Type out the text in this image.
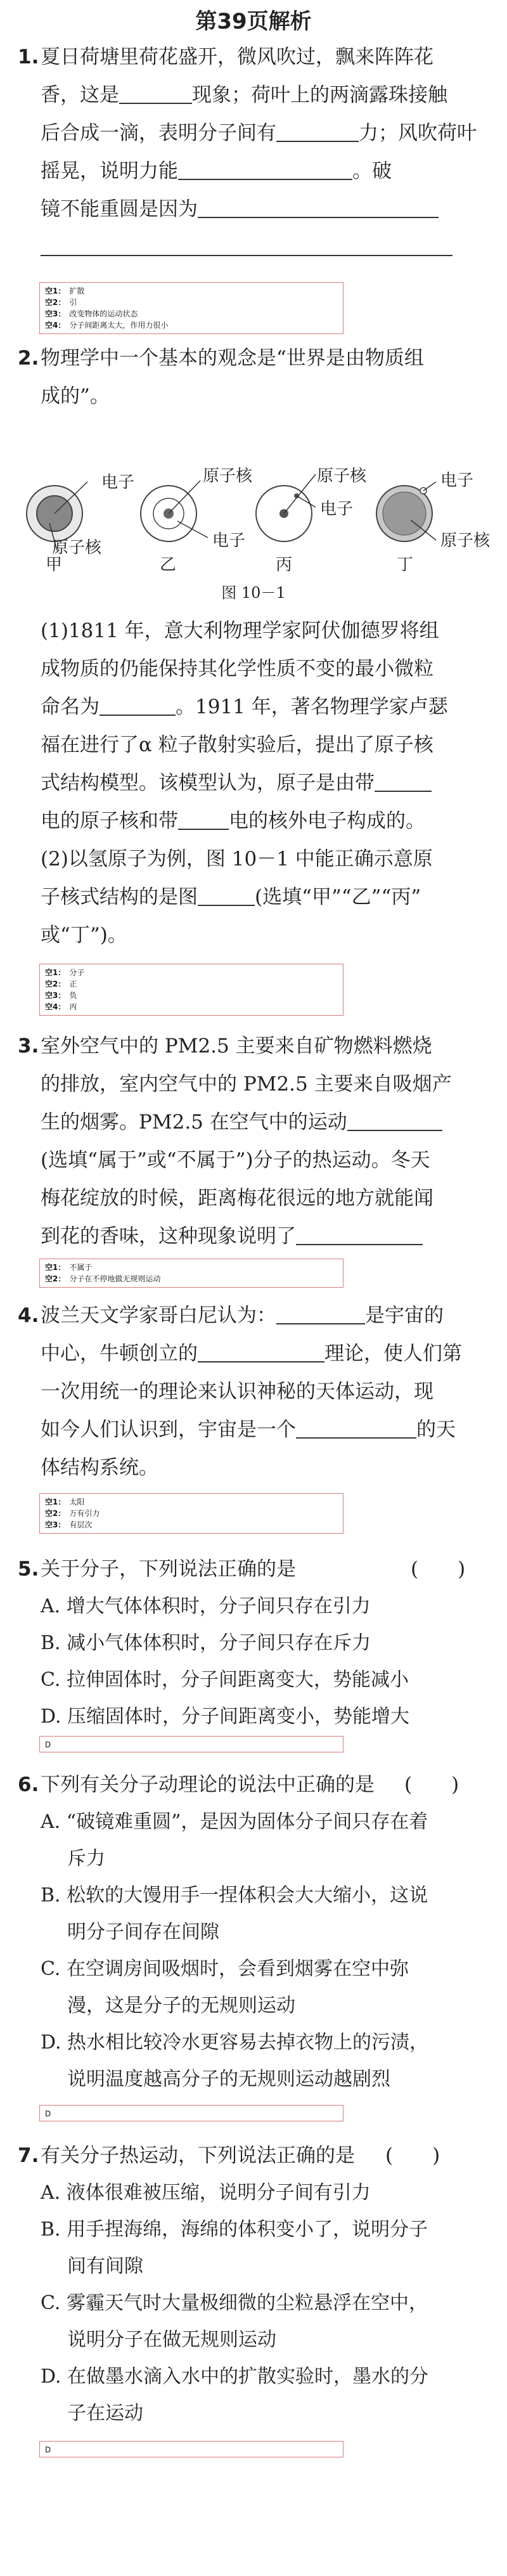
第39页解析
1.夏日荷塘里荷花盛开，微风吹过，飘来阵阵花
香，这是	现象；荷叶上的两滴露珠接触
后合成一滴，表明分子间有	力；风吹荷叶
摇晃，说明力能	。破
镜不能重圆是因为
空1： 扩散
空2： 引
空3： 改变物体的运动状态
空4： 分子间距离太大，作用力很小
2.物理学中一个基本的观念是“世界是由物质组
成的”。
电子
原子核
甲
原子核
电子
乙
原子核
电子
丙
电子
原子核
丁
图 10－1
(1)1811 年，意大利物理学家阿伏伽德罗将组
成物质的仍能保持其化学性质不变的最小微粒
命名为	。1911 年，著名物理学家卢瑟
福在进行了α 粒子散射实验后，提出了原子核
式结构模型。该模型认为，原子是由带
电的原子核和带	电的核外电子构成的。
(2)以氢原子为例，图 10－1 中能正确示意原
子核式结构的是图	(选填“甲”“乙”“丙”
或“丁”)。
空1： 分子
空2： 正
空3： 负
空4： 丙
3.室外空气中的 PM2.5 主要来自矿物燃料燃烧
的排放，室内空气中的 PM2.5 主要来自吸烟产
生的烟雾。PM2.5 在空气中的运动
(选填“属于”或“不属于”)分子的热运动。冬天
梅花绽放的时候，距离梅花很远的地方就能闻
到花的香味，这种现象说明了
空1： 不属于
空2： 分子在不停地做无规则运动
4.波兰天文学家哥白尼认为：	是宇宙的
中心，牛顿创立的	理论，使人们第
一次用统一的理论来认识神秘的天体运动，现
如今人们认识到，宇宙是一个	的天
体结构系统。
空1： 太阳
空2： 万有引力
空3： 有层次
5.关于分子，下列说法正确的是	(　　)
A. 增大气体体积时，分子间只存在引力
B. 减小气体体积时，分子间只存在斥力
C. 拉伸固体时，分子间距离变大，势能减小
D. 压缩固体时，分子间距离变小，势能增大
D
6.下列有关分子动理论的说法中正确的是 (　　)
A. “破镜难重圆”，是因为固体分子间只存在着
斥力
B. 松软的大馒用手一捏体积会大大缩小，这说
明分子间存在间隙
C. 在空调房间吸烟时，会看到烟雾在空中弥
漫，这是分子的无规则运动
D. 热水相比较冷水更容易去掉衣物上的污渍，
说明温度越高分子的无规则运动越剧烈
D
7.有关分子热运动，下列说法正确的是 (　　)
A. 液体很难被压缩，说明分子间有引力
B. 用手捏海绵，海绵的体积变小了，说明分子
间有间隙
C. 雾霾天气时大量极细微的尘粒悬浮在空中，
说明分子在做无规则运动
D. 在做墨水滴入水中的扩散实验时，墨水的分
子在运动
D
